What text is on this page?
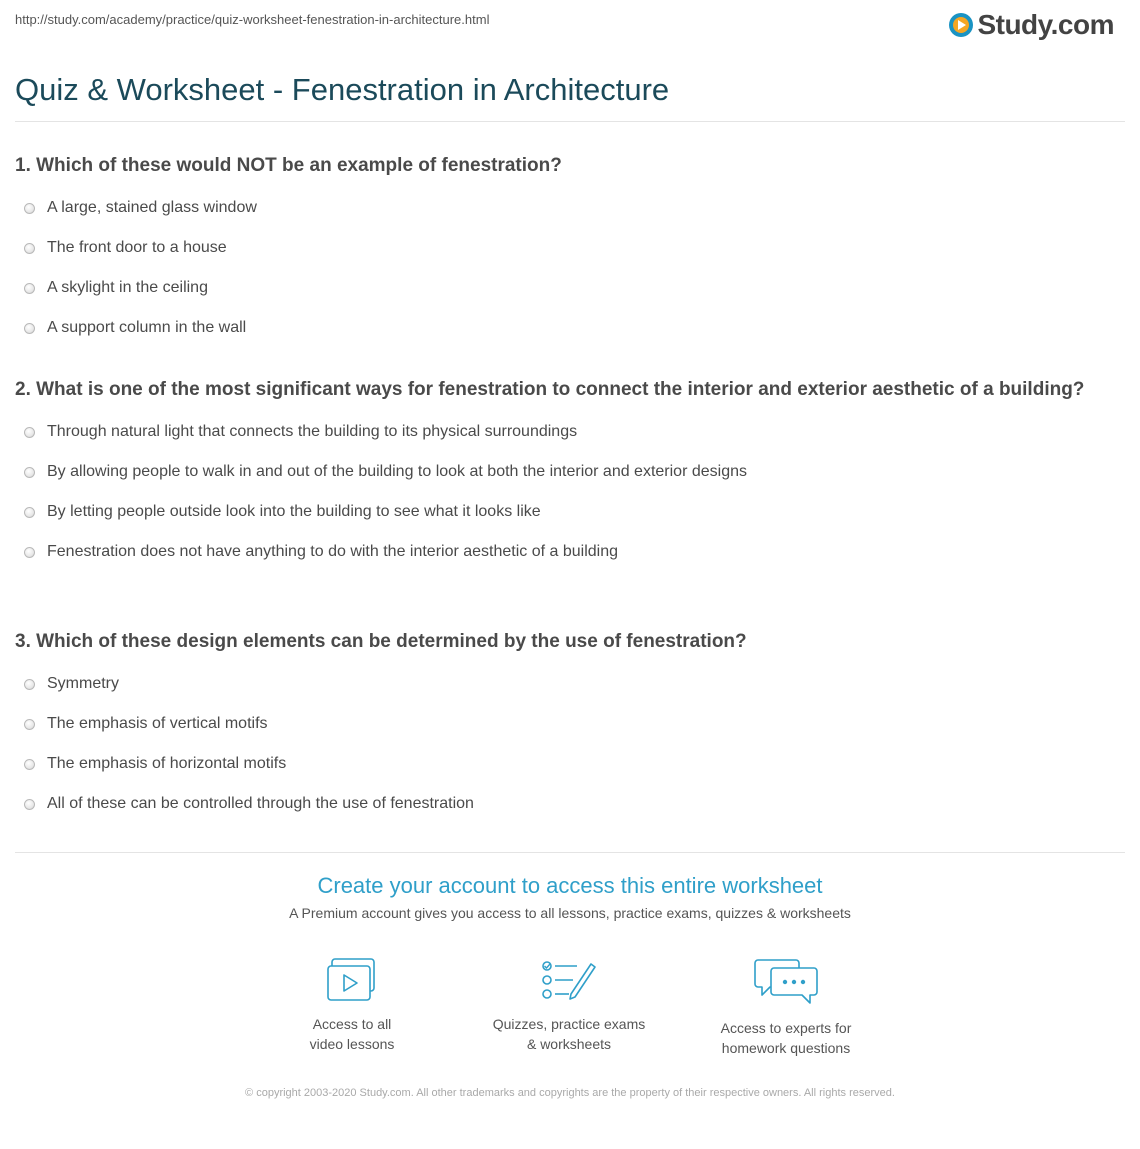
http://study.com/academy/practice/quiz-worksheet-fenestration-in-architecture.html	Study.com
Quiz & Worksheet - Fenestration in Architecture

1. Which of these would NOT be an example of fenestration?

A large, stained glass window
The front door to a house
A skylight in the ceiling
A support column in the wall

2. What is one of the most significant ways for fenestration to connect the interior and exterior aesthetic of a building?

Through natural light that connects the building to its physical surroundings
By allowing people to walk in and out of the building to look at both the interior and exterior designs
By letting people outside look into the building to see what it looks like
Fenestration does not have anything to do with the interior aesthetic of a building

3. Which of these design elements can be determined by the use of fenestration?

Symmetry
The emphasis of vertical motifs
The emphasis of horizontal motifs
All of these can be controlled through the use of fenestration

Create your account to access this entire worksheet

A Premium account gives you access to all lessons, practice exams, quizzes & worksheets

Access to all
video lessons
Quizzes, practice exams
& worksheets
Access to experts for
homework questions

© copyright 2003-2020 Study.com. All other trademarks and copyrights are the property of their respective owners. All rights reserved.
